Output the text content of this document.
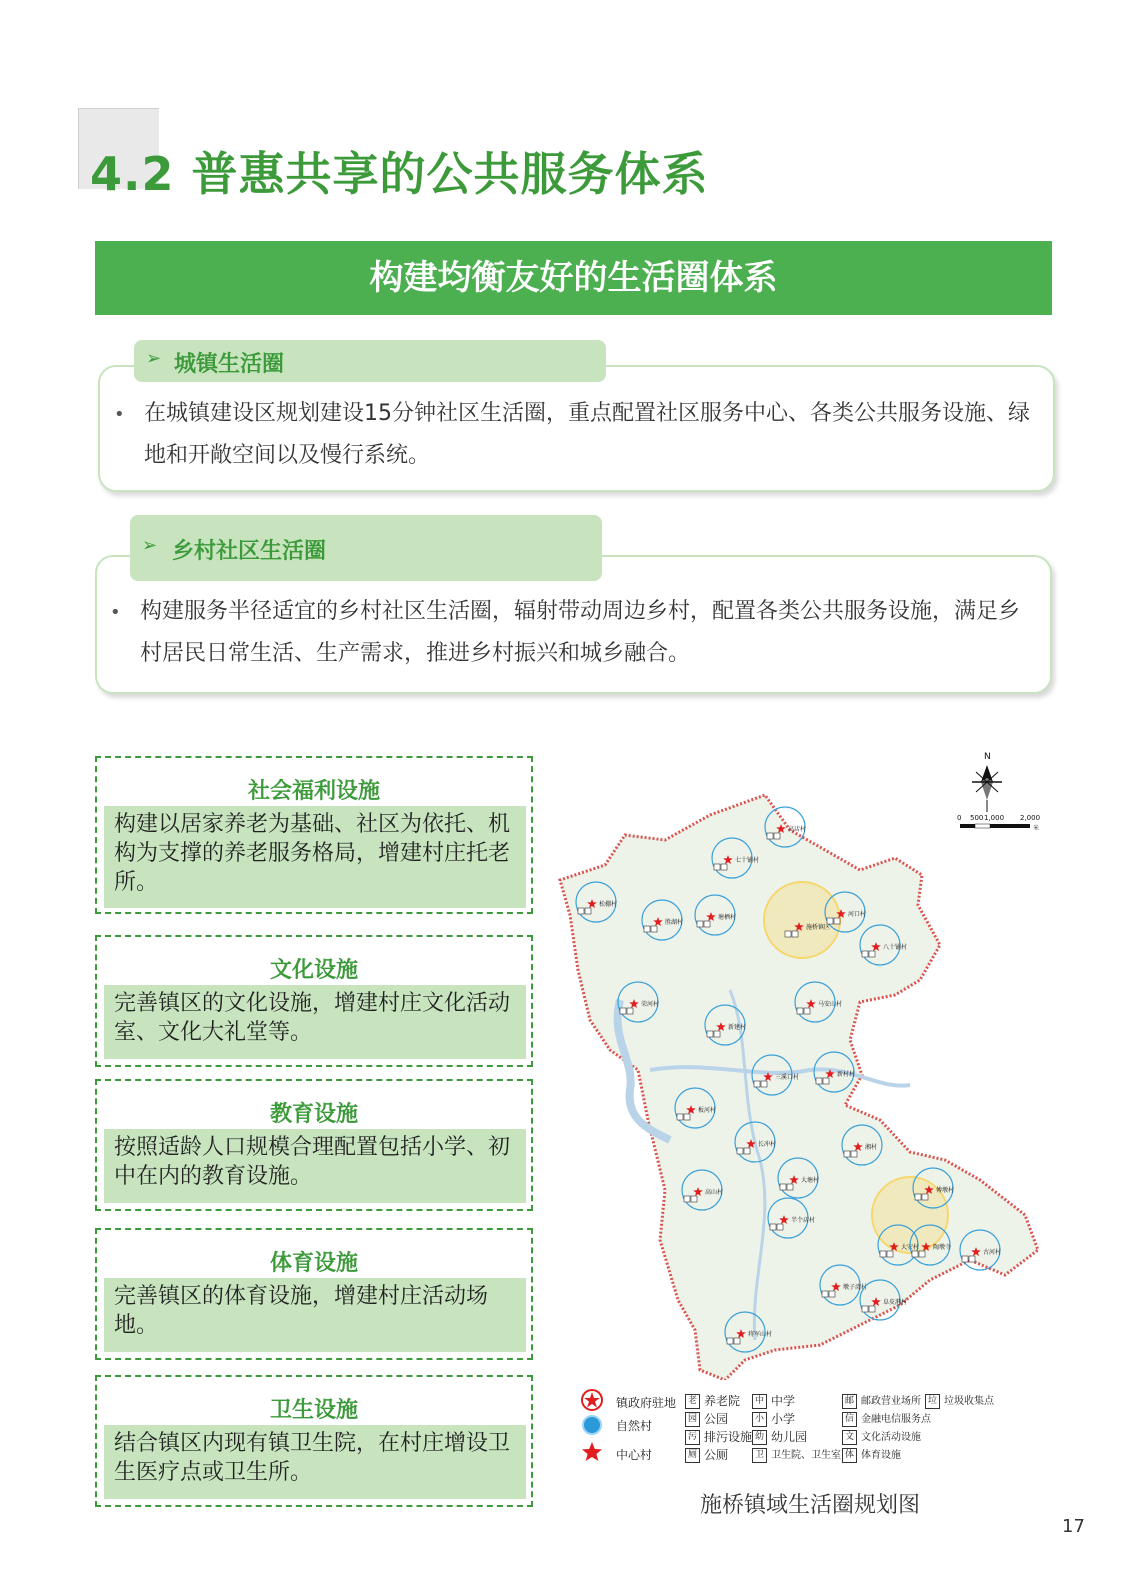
4.2 普惠共享的公共服务体系
构建均衡友好的生活圈体系
➢ 城镇生活圈
• 在城镇建设区规划建设15分钟社区生活圈，重点配置社区服务中心、各类公共服务设施、绿地和开敞空间以及慢行系统。
➢ 乡村社区生活圈
• 构建服务半径适宜的乡村社区生活圈，辐射带动周边乡村，配置各类公共服务设施，满足乡村居民日常生活、生产需求，推进乡村振兴和城乡融合。
社会福利设施
构建以居家养老为基础、社区为依托、机构为支撑的养老服务格局，增建村庄托老所。
文化设施
完善镇区的文化设施，增建村庄文化活动室、文化大礼堂等。
教育设施
按照适龄人口规模合理配置包括小学、初中在内的教育设施。
体育设施
完善镇区的体育设施，增建村庄活动场地。
卫生设施
结合镇区内现有镇卫生院，在村庄增设卫生医疗点或卫生所。
高店村
七十铺村
松棚村
胜湖村
塘栖村
施桥镇区
河口村
八十铺村
荣河村
新建村
马安山村
三溪口村	新村村
板河村
长冲村
高山村
大塘村
半个店村
傅墩村
大安村 陶墩寺
古河村
墩子湾村
阜皮港村
将军山村
湘村
N
0 500 1,000 2,000
米
镇政府驻地
自然村
中心村
老 养老院
园 公园
污 排污设施
厕 公厕
中 中学
小 小学
幼 幼儿园
卫 卫生院、卫生室
邮 邮政营业场所
信 金融电信服务点
文 文化活动设施
体 体育设施
垃 垃圾收集点
施桥镇域生活圈规划图
17
